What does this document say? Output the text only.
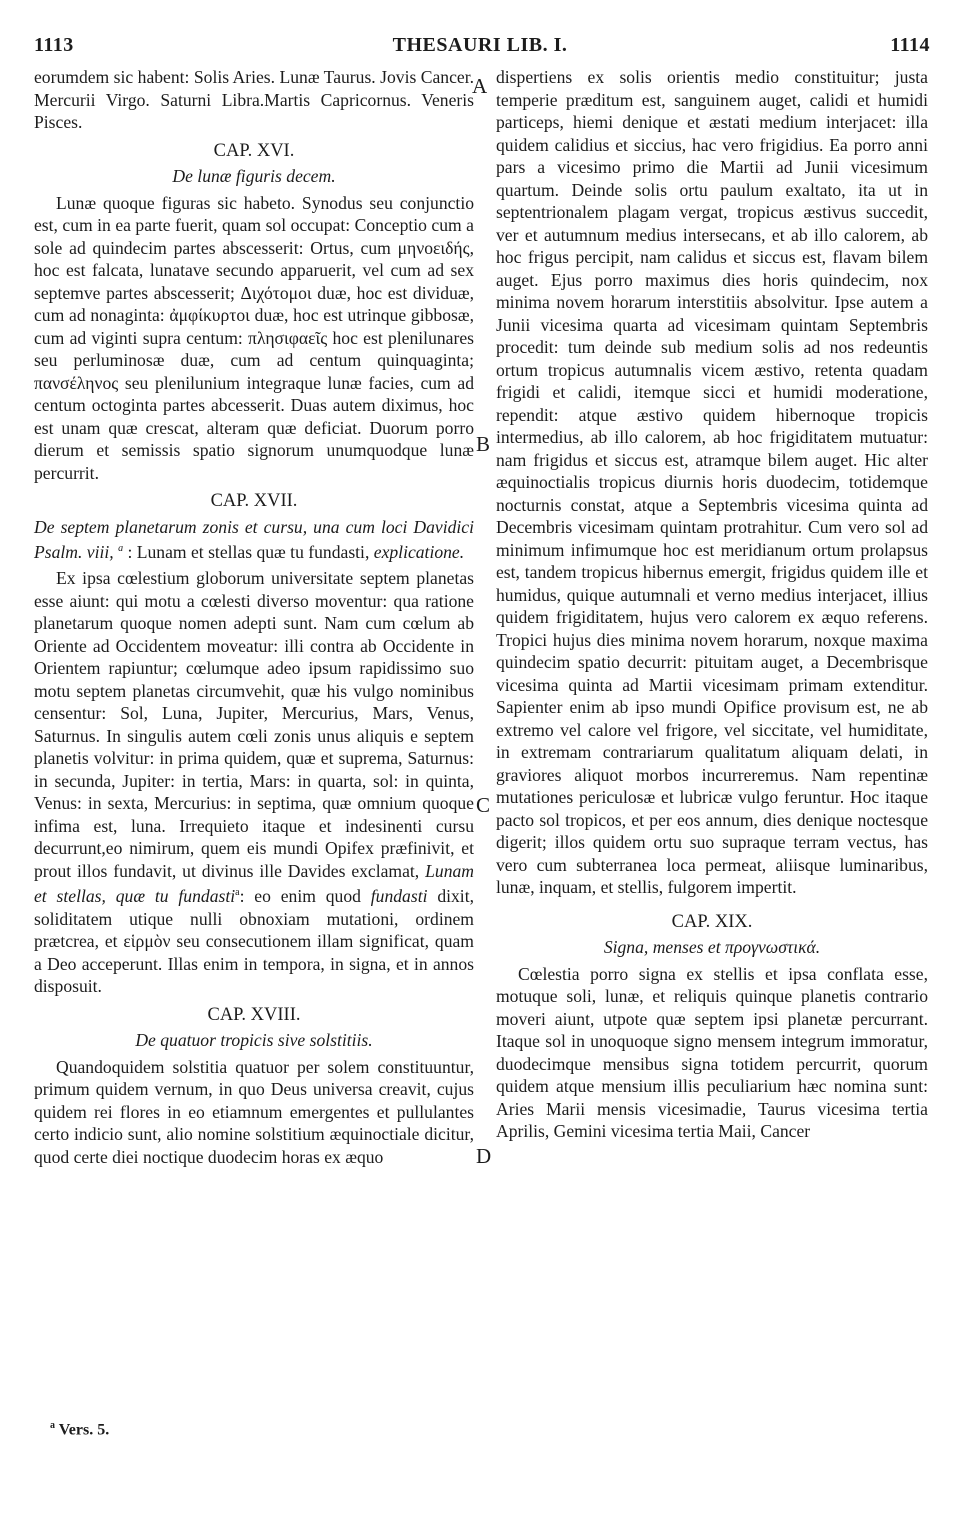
1113	THESAURI LIB. I.	1114
A
B
C
D

eorumdem sic habent: Solis Aries. Lunæ Taurus. Jovis Cancer. Mercurii Virgo. Saturni Libra.Martis Capricornus. Veneris Pisces.

CAP. XVI.
De lunæ figuris decem.

Lunæ quoque figuras sic habeto. Synodus seu conjunctio est, cum in ea parte fuerit, quam sol occupat: Conceptio cum a sole ad quindecim partes abscesserit: Ortus, cum μηνοειδής, hoc est falcata, lunatave secundo apparuerit, vel cum ad sex septemve partes abscesserit; Διχότομοι duæ, hoc est dividuæ, cum ad nonaginta: ἀμφίκυρτοι duæ, hoc est utrinque gibbosæ, cum ad viginti supra centum: πλησιφαεῖς hoc est plenilunares seu perluminosæ duæ, cum ad centum quinquaginta; πανσέληνος seu plenilunium integraque lunæ facies, cum ad centum octoginta partes abcesserit. Duas autem diximus, hoc est unam quæ crescat, alteram quæ deficiat. Duorum porro dierum et semissis spatio signorum unumquodque lunæ percurrit.

CAP. XVII.

De septem planetarum zonis et cursu, una cum loci Davidici Psalm. viii, $^a$ : Lunam et stellas quæ tu fundasti, explicatione.

Ex ipsa cœlestium globorum universitate septem planetas esse aiunt: qui motu a cœlesti diverso moventur: qua ratione planetarum quoque nomen adepti sunt. Nam cum cœlum ab Oriente ad Occidentem moveatur: illi contra ab Occidente in Orientem rapiuntur; cœlumque adeo ipsum rapidissimo suo motu septem planetas circumvehit, quæ his vulgo nominibus censentur: Sol, Luna, Jupiter, Mercurius, Mars, Venus, Saturnus. In singulis autem cœli zonis unus aliquis e septem planetis volvitur: in prima quidem, quæ et suprema, Saturnus: in secunda, Jupiter: in tertia, Mars: in quarta, sol: in quinta, Venus: in sexta, Mercurius: in septima, quæ omnium quoque infima est, luna. Irrequieto itaque et indesinenti cursu decurrunt,eo nimirum, quem eis mundi Opifex præfinivit, et prout illos fundavit, ut divinus ille Davides exclamat, Lunam et stellas, quæ tu fundasti$^a$: eo enim quod fundasti dixit, soliditatem utique nulli obnoxiam mutationi, ordinem prætcrea, et εἱρμὸν seu consecutionem illam significat, quam a Deo acceperunt. Illas enim in tempora, in signa, et in annos disposuit.

CAP. XVIII.
De quatuor tropicis sive solstitiis.

Quandoquidem solstitia quatuor per solem constituuntur, primum quidem vernum, in quo Deus universa creavit, cujus quidem rei flores in eo etiamnum emergentes et pullulantes certo indicio sunt, alio nomine solstitium æquinoctiale dicitur, quod certe diei noctique duodecim horas ex æquo

dispertiens ex solis orientis medio constituitur; justa temperie præditum est, sanguinem auget, calidi et humidi particeps, hiemi denique et æstati medium interjacet: illa quidem calidius et siccius, hac vero frigidius. Ea porro anni pars a vicesimo primo die Martii ad Junii vicesimum quartum. Deinde solis ortu paulum exaltato, ita ut in septentrionalem plagam vergat, tropicus æstivus succedit, ver et autumnum medius intersecans, et ab illo calorem, ab hoc frigus percipit, nam calidus et siccus est, flavam bilem auget. Ejus porro maximus dies horis quindecim, nox minima novem horarum interstitiis absolvitur. Ipse autem a Junii vicesima quarta ad vicesimam quintam Septembris procedit: tum deinde sub medium solis ad nos redeuntis ortum tropicus autumnalis vicem æstivo, retenta quadam frigidi et calidi, itemque sicci et humidi moderatione, rependit: atque æstivo quidem hibernoque tropicis intermedius, ab illo calorem, ab hoc frigiditatem mutuatur: nam frigidus et siccus est, atramque bilem auget. Hic alter æquinoctialis tropicus diurnis horis duodecim, totidemque nocturnis constat, atque a Septembris vicesima quinta ad Decembris vicesimam quintam protrahitur. Cum vero sol ad minimum infimumque hoc est meridianum ortum prolapsus est, tandem tropicus hibernus emergit, frigidus quidem ille et humidus, quique autumnali et verno medius interjacet, illius quidem frigiditatem, hujus vero calorem ex æquo referens. Tropici hujus dies minima novem horarum, noxque maxima quindecim spatio decurrit: pituitam auget, a Decembrisque vicesima quinta ad Martii vicesimam primam extenditur. Sapienter enim ab ipso mundi Opifice provisum est, ne ab extremo vel calore vel frigore, vel siccitate, vel humiditate, in extremam contrariarum qualitatum aliquam delati, in graviores aliquot morbos incurreremus. Nam repentinæ mutationes periculosæ et lubricæ vulgo feruntur. Hoc itaque pacto sol tropicos, et per eos annum, dies denique noctesque digerit; illos quidem ortu suo supraque terram vectus, has vero cum subterranea loca permeat, aliisque luminaribus, lunæ, inquam, et stellis, fulgorem impertit.

CAP. XIX.
Signa, menses et προγνωστικά.

Cœlestia porro signa ex stellis et ipsa conflata esse, motuque soli, lunæ, et reliquis quinque planetis contrario moveri aiunt, utpote quæ septem ipsi planetæ percurrant. Itaque sol in unoquoque signo mensem integrum immoratur, duodecimque mensibus signa totidem percurrit, quorum quidem atque mensium illis peculiarium hæc nomina sunt: Aries Marii mensis vicesimadie, Taurus vicesima tertia Aprilis, Gemini vicesima tertia Maii, Cancer

$^a$ Vers. 5.
